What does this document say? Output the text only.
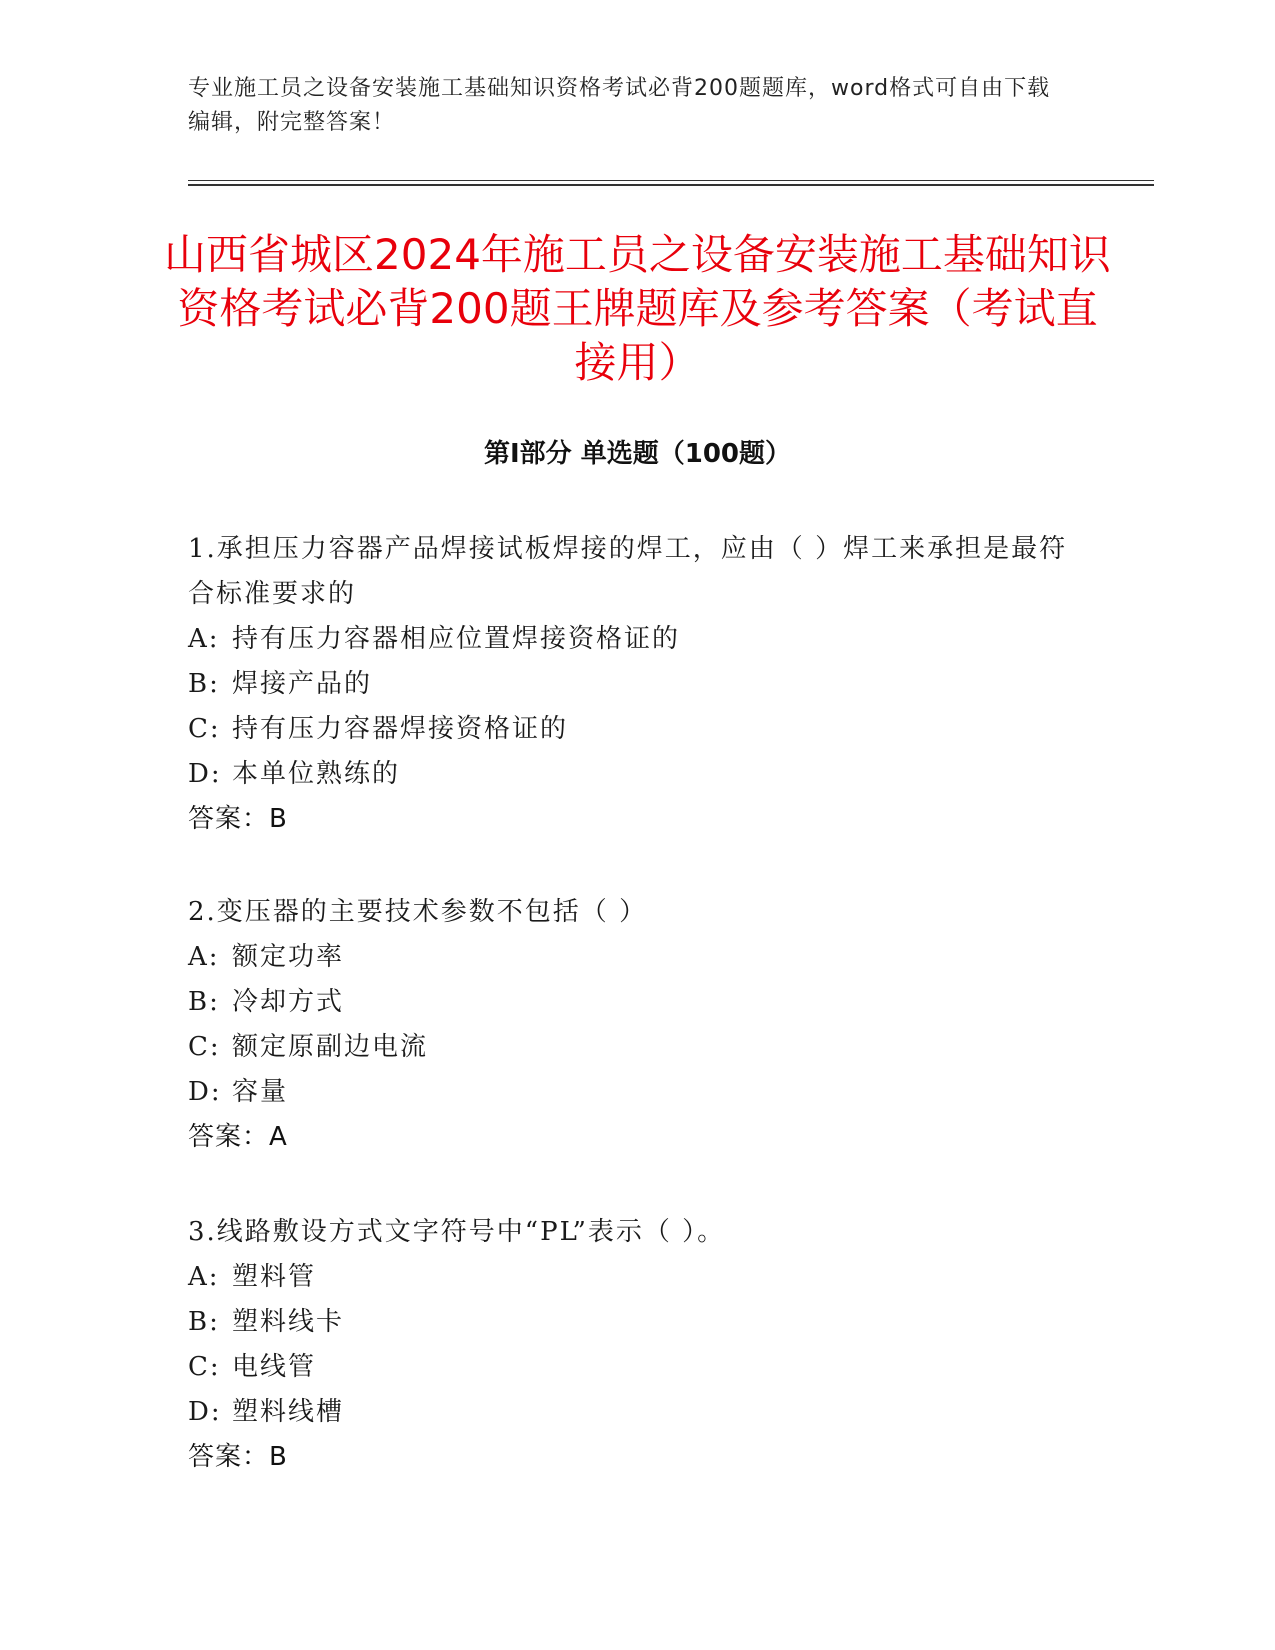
专业施工员之设备安装施工基础知识资格考试必背200题题库，word格式可自由下载编辑，附完整答案！
山西省城区2024年施工员之设备安装施工基础知识资格考试必背200题王牌题库及参考答案（考试直接用）
第Ⅰ部分 单选题（100题）

1.承担压力容器产品焊接试板焊接的焊工，应由（ ）焊工来承担是最符合标准要求的

A: 持有压力容器相应位置焊接资格证的
B: 焊接产品的
C: 持有压力容器焊接资格证的
D: 本单位熟练的

答案：B

2.变压器的主要技术参数不包括（ ）

A: 额定功率
B: 冷却方式
C: 额定原副边电流
D: 容量

答案：A

3.线路敷设方式文字符号中“PL”表示（ ）。

A: 塑料管
B: 塑料线卡
C: 电线管
D: 塑料线槽

答案：B
